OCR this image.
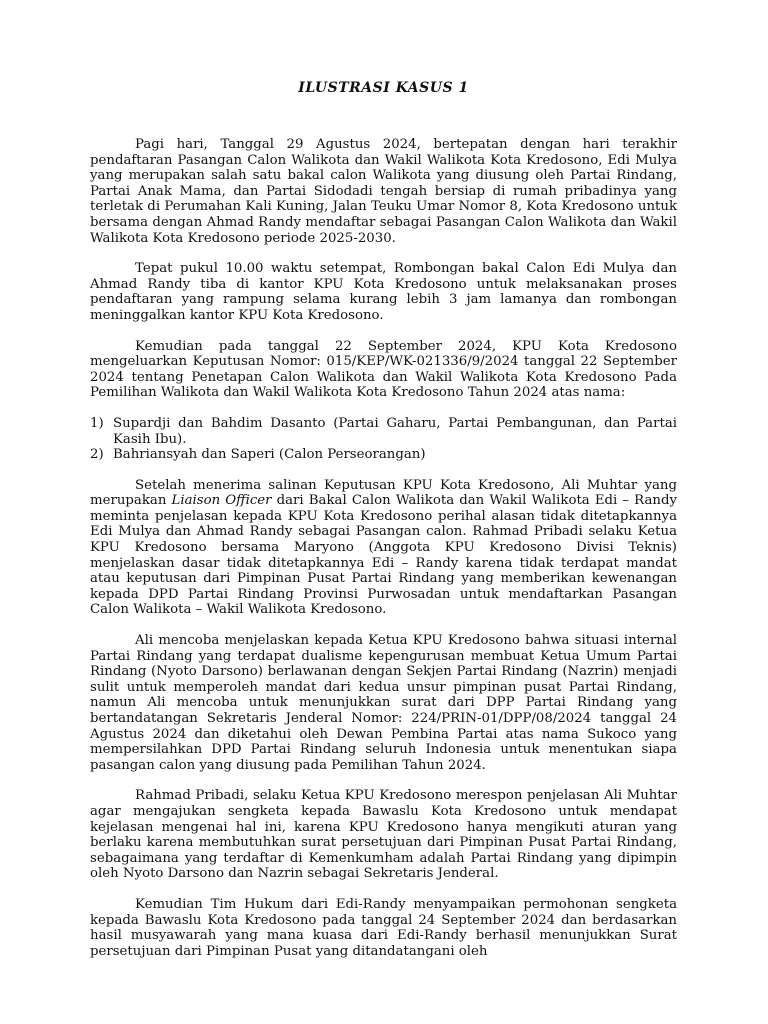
ILUSTRASI KASUS 1

Pagi hari, Tanggal 29 Agustus 2024, bertepatan dengan hari terakhir pendaftaran Pasangan Calon Walikota dan Wakil Walikota Kota Kredosono, Edi Mulya yang merupakan salah satu bakal calon Walikota yang diusung oleh Partai Rindang, Partai Anak Mama, dan Partai Sidodadi tengah bersiap di rumah pribadinya yang terletak di Perumahan Kali Kuning, Jalan Teuku Umar Nomor 8, Kota Kredosono untuk bersama dengan Ahmad Randy mendaftar sebagai Pasangan Calon Walikota dan Wakil Walikota Kota Kredosono periode 2025-2030.

Tepat pukul 10.00 waktu setempat, Rombongan bakal Calon Edi Mulya dan Ahmad Randy tiba di kantor KPU Kota Kredosono untuk melaksanakan proses pendaftaran yang rampung selama kurang lebih 3 jam lamanya dan rombongan meninggalkan kantor KPU Kota Kredosono.

Kemudian pada tanggal 22 September 2024, KPU Kota Kredosono mengeluarkan Keputusan Nomor: 015/KEP/WK-021336/9/2024 tanggal 22 September 2024 tentang Penetapan Calon Walikota dan Wakil Walikota Kota Kredosono Pada Pemilihan Walikota dan Wakil Walikota Kota Kredosono Tahun 2024 atas nama:

1) Supardji dan Bahdim Dasanto (Partai Gaharu, Partai Pembangunan, dan Partai Kasih Ibu).
2) Bahriansyah dan Saperi (Calon Perseorangan)

Setelah menerima salinan Keputusan KPU Kota Kredosono, Ali Muhtar yang merupakan Liaison Officer dari Bakal Calon Walikota dan Wakil Walikota Edi – Randy meminta penjelasan kepada KPU Kota Kredosono perihal alasan tidak ditetapkannya Edi Mulya dan Ahmad Randy sebagai Pasangan calon. Rahmad Pribadi selaku Ketua KPU Kredosono bersama Maryono (Anggota KPU Kredosono Divisi Teknis) menjelaskan dasar tidak ditetapkannya Edi – Randy karena tidak terdapat mandat atau keputusan dari Pimpinan Pusat Partai Rindang yang memberikan kewenangan kepada DPD Partai Rindang Provinsi Purwosadan untuk mendaftarkan Pasangan Calon Walikota – Wakil Walikota Kredosono.

Ali mencoba menjelaskan kepada Ketua KPU Kredosono bahwa situasi internal Partai Rindang yang terdapat dualisme kepengurusan membuat Ketua Umum Partai Rindang (Nyoto Darsono) berlawanan dengan Sekjen Partai Rindang (Nazrin) menjadi sulit untuk memperoleh mandat dari kedua unsur pimpinan pusat Partai Rindang, namun Ali mencoba untuk menunjukkan surat dari DPP Partai Rindang yang bertandatangan Sekretaris Jenderal Nomor: 224/PRIN-01/DPP/08/2024 tanggal 24 Agustus 2024 dan diketahui oleh Dewan Pembina Partai atas nama Sukoco yang mempersilahkan DPD Partai Rindang seluruh Indonesia untuk menentukan siapa pasangan calon yang diusung pada Pemilihan Tahun 2024.

Rahmad Pribadi, selaku Ketua KPU Kredosono merespon penjelasan Ali Muhtar agar mengajukan sengketa kepada Bawaslu Kota Kredosono untuk mendapat kejelasan mengenai hal ini, karena KPU Kredosono hanya mengikuti aturan yang berlaku karena membutuhkan surat persetujuan dari Pimpinan Pusat Partai Rindang, sebagaimana yang terdaftar di Kemenkumham adalah Partai Rindang yang dipimpin oleh Nyoto Darsono dan Nazrin sebagai Sekretaris Jenderal.

Kemudian Tim Hukum dari Edi-Randy menyampaikan permohonan sengketa kepada Bawaslu Kota Kredosono pada tanggal 24 September 2024 dan berdasarkan hasil musyawarah yang mana kuasa dari Edi-Randy berhasil menunjukkan Surat persetujuan dari Pimpinan Pusat yang ditandatangani oleh
